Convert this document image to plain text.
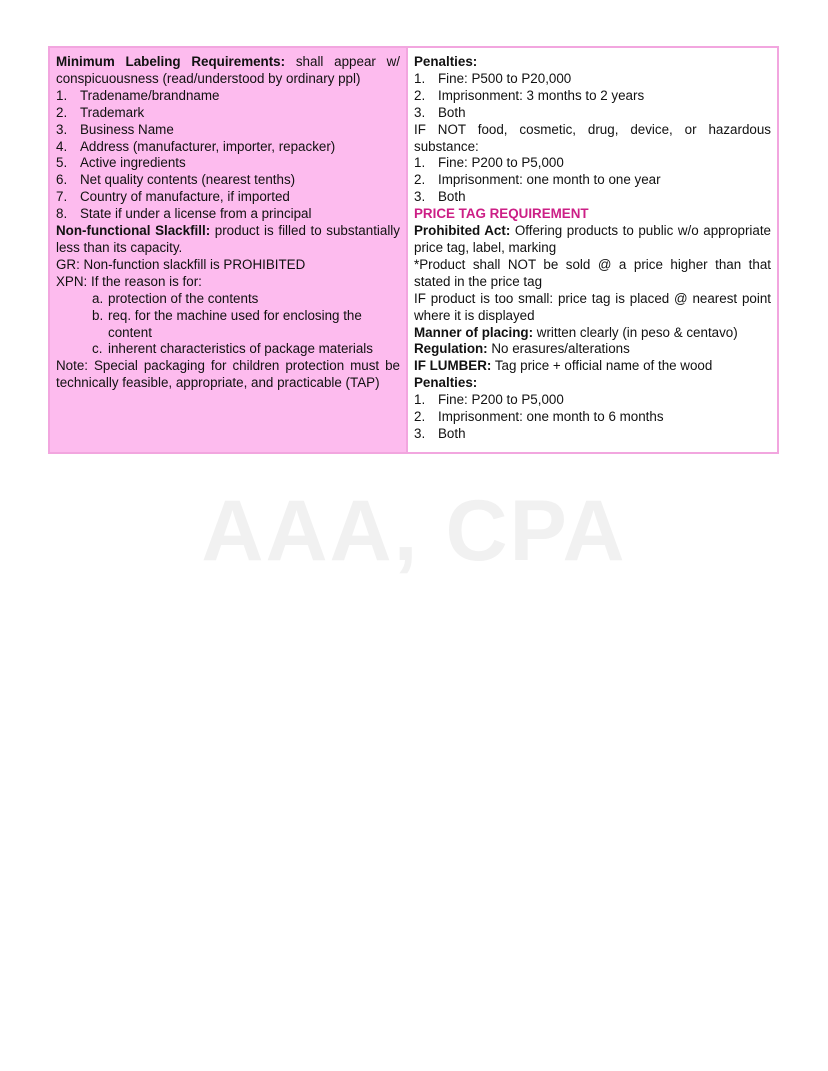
AAA, CPA

Minimum Labeling Requirements: shall appear w/ conspicuousness (read/understood by ordinary ppl)

1. Tradename/brandname
2. Trademark
3. Business Name
4. Address (manufacturer, importer, repacker)
5. Active ingredients
6. Net quality contents (nearest tenths)
7. Country of manufacture, if imported
8. State if under a license from a principal

Non-functional Slackfill: product is filled to substantially less than its capacity.

GR: Non-function slackfill is PROHIBITED

XPN: If the reason is for:

a. protection of the contents
b. req. for the machine used for enclosing the content
c. inherent characteristics of package materials

Note: Special packaging for children protection must be technically feasible, appropriate, and practicable (TAP)

Penalties:

1. Fine: P500 to P20,000
2. Imprisonment: 3 months to 2 years
3. Both

IF NOT food, cosmetic, drug, device, or hazardous substance:

1. Fine: P200 to P5,000
2. Imprisonment: one month to one year
3. Both

PRICE TAG REQUIREMENT

Prohibited Act: Offering products to public w/o appropriate price tag, label, marking

*Product shall NOT be sold @ a price higher than that stated in the price tag

IF product is too small: price tag is placed @ nearest point where it is displayed

Manner of placing: written clearly (in peso & centavo)

Regulation: No erasures/alterations

IF LUMBER: Tag price + official name of the wood

Penalties:

1. Fine: P200 to P5,000
2. Imprisonment: one month to 6 months
3. Both
